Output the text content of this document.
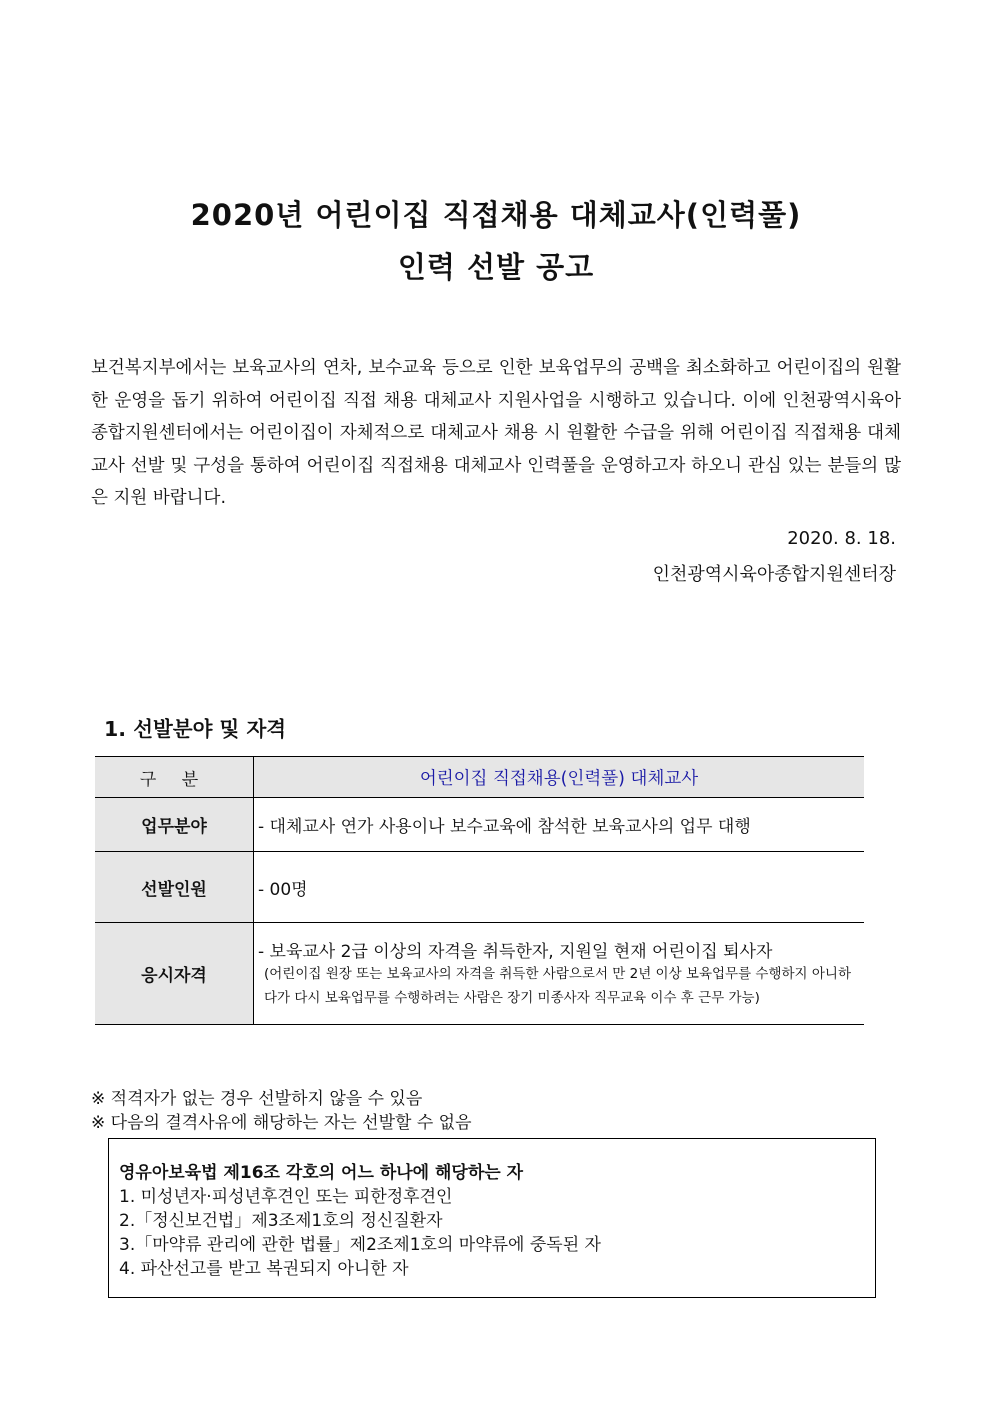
2020년 어린이집 직접채용 대체교사(인력풀)
인력 선발 공고

보건복지부에서는 보육교사의 연차, 보수교육 등으로 인한 보육업무의 공백을 최소화하고 어린이집의 원활한 운영을 돕기 위하여 어린이집 직접 채용 대체교사 지원사업을 시행하고 있습니다. 이에 인천광역시육아종합지원센터에서는 어린이집이 자체적으로 대체교사 채용 시 원활한 수급을 위해 어린이집 직접채용 대체교사 선발 및 구성을 통하여 어린이집 직접채용 대체교사 인력풀을 운영하고자 하오니 관심 있는 분들의 많은 지원 바랍니다.

2020. 8. 18.
인천광역시육아종합지원센터장
1. 선발분야 및 자격
구 분	어린이집 직접채용(인력풀) 대체교사
업무분야	- 대체교사 연가 사용이나 보수교육에 참석한 보육교사의 업무 대행
선발인원	- 00명
응시자격	- 보육교사 2급 이상의 자격을 취득한자, 지원일 현재 어린이집 퇴사자
(어린이집 원장 또는 보육교사의 자격을 취득한 사람으로서 만 2년 이상 보육업무를 수행하지 아니하다가 다시 보육업무를 수행하려는 사람은 장기 미종사자 직무교육 이수 후 근무 가능)
※ 적격자가 없는 경우 선발하지 않을 수 있음
※ 다음의 결격사유에 해당하는 자는 선발할 수 없음
영유아보육법 제16조 각호의 어느 하나에 해당하는 자
1. 미성년자·피성년후견인 또는 피한정후견인
2.「정신보건법」제3조제1호의 정신질환자
3.「마약류 관리에 관한 법률」제2조제1호의 마약류에 중독된 자
4. 파산선고를 받고 복권되지 아니한 자
